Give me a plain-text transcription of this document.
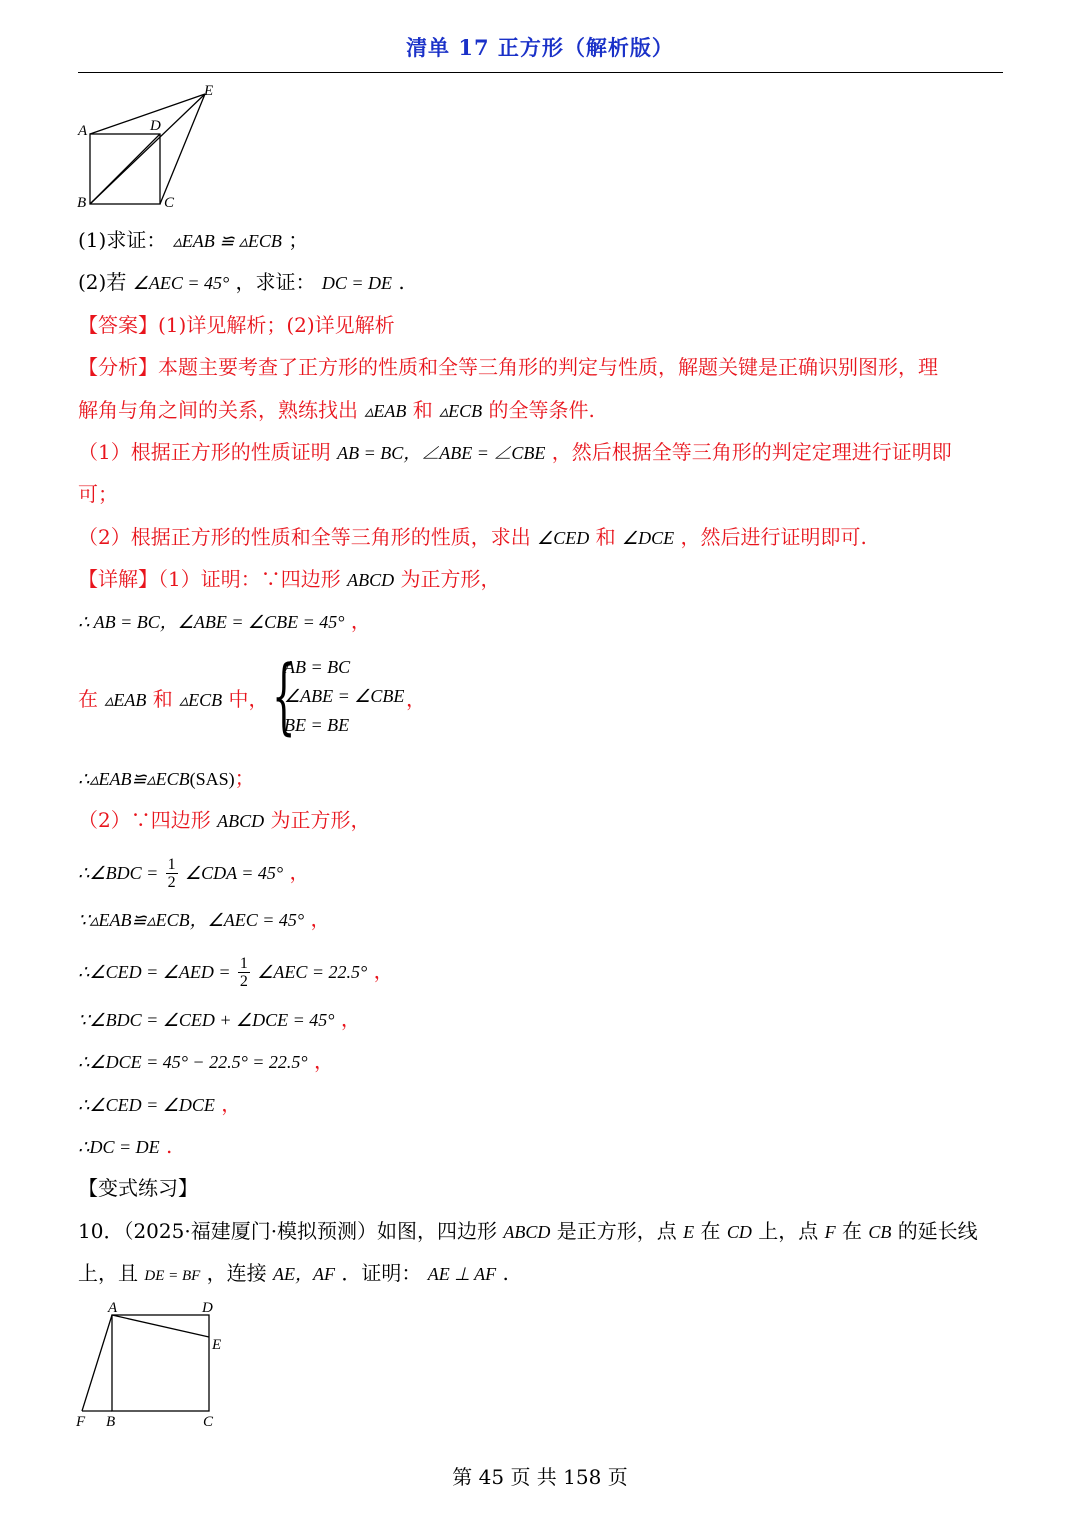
清单 17 正方形（解析版）
A	D
E
B	C
(1)求证： ▵EAB ≌ ▵ECB ；
(2)若 ∠AEC = 45° ，求证： DC = DE .
【答案】(1)详见解析；(2)详见解析
【分析】本题主要考查了正方形的性质和全等三角形的判定与性质，解题关键是正确识别图形，理
解角与角之间的关系，熟练找出 ▵EAB 和 ▵ECB 的全等条件.
（1）根据正方形的性质证明 AB = BC，∠ABE = ∠CBE ，然后根据全等三角形的判定定理进行证明即
可；
（2）根据正方形的性质和全等三角形的性质，求出 ∠CED 和 ∠DCE ，然后进行证明即可.
【详解】（1）证明：∵四边形 ABCD 为正方形，
∴ AB = BC，∠ABE = ∠CBE = 45° ，
在 ▵EAB 和 ▵ECB 中， {
AB = BC
∠ABE = ∠CBE
BE = BE
，
∴▵EAB≌▵ECB(SAS)；
（2）∵四边形 ABCD 为正方形，
∴∠BDC = $\frac{1}{2}$ ∠CDA = 45° ，
∵▵EAB≌▵ECB，∠AEC = 45° ，
∴∠CED = ∠AED = $\frac{1}{2}$ ∠AEC = 22.5° ，
∵∠BDC = ∠CED + ∠DCE = 45° ，
∴∠DCE = 45° − 22.5° = 22.5° ，
∴∠CED = ∠DCE ，
∴DC = DE .
【变式练习】
10．（2025·福建厦门·模拟预测）如图，四边形 ABCD 是正方形，点 E 在 CD 上，点 F 在 CB 的延长线
上，且 DE = BF ，连接 AE，AF ．证明： AE ⊥ AF .
A	D
E
F B	C
第 45 页 共 158 页
